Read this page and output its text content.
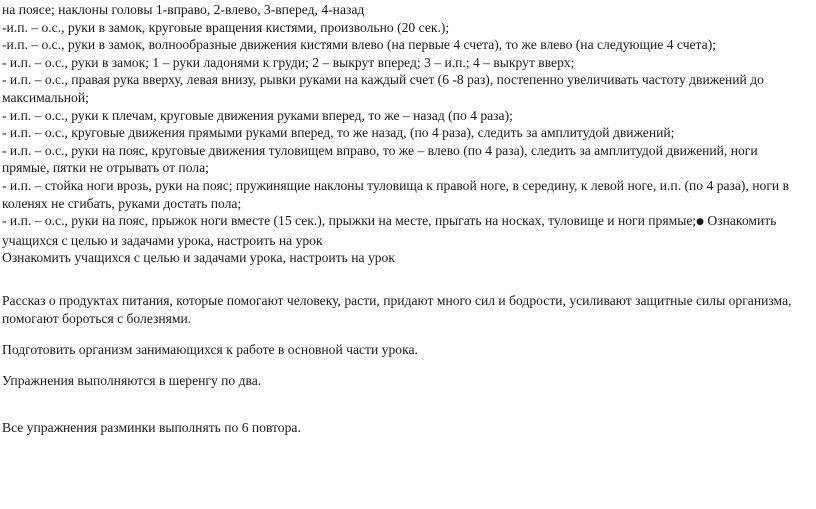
на поясе; наклоны головы 1-вправо, 2-влево, 3-вперед, 4-назад
-и.п. – о.с., руки в замок, круговые вращения кистями, произвольно (20 сек.);
-и.п. – о.с., руки в замок, волнообразные движения кистями влево (на первые 4 счета), то же влево (на следующие 4 счета);
- и.п. – о.с., руки в замок; 1 – руки ладонями к груди; 2 – выкрут вперед; 3 – и.п.; 4 – выкрут вверх;
- и.п. – о.с., правая рука вверху, левая внизу, рывки руками на каждый счет (6 -8 раз), постепенно увеличивать частоту движений до максимальной;
- и.п. – о.с., руки к плечам, круговые движения руками вперед, то же – назад (по 4 раза);
- и.п. – о.с., круговые движения прямыми руками вперед, то же назад, (по 4 раза), следить за амплитудой движений;
- и.п. – о.с., руки на пояс, круговые движения туловищем вправо, то же – влево (по 4 раза), следить за амплитудой движений, ноги прямые, пятки не отрывать от пола;
- и.п. – стойка ноги врозь, руки на пояс; пружинящие наклоны туловища к правой ноге, в середину, к левой ноге, и.п. (по 4 раза), ноги в коленях не сгибать, руками достать пола;
- и.п. – о.с., руки на пояс, прыжок ноги вместе (15 сек.), прыжки на месте, прыгать на носках, туловище и ноги прямые;● Ознакомить учащихся с целью и задачами урока, настроить на урок
Ознакомить учащихся с целью и задачами урока, настроить на урок
Рассказ о продуктах питания, которые помогают человеку, расти, придают много сил и бодрости, усиливают защитные силы организма, помогают бороться с болезнями.
Подготовить организм занимающихся к работе в основной части урока.
Упражнения выполняются в шеренгу по два.
Все упражнения разминки выполнять по 6 повтора.
